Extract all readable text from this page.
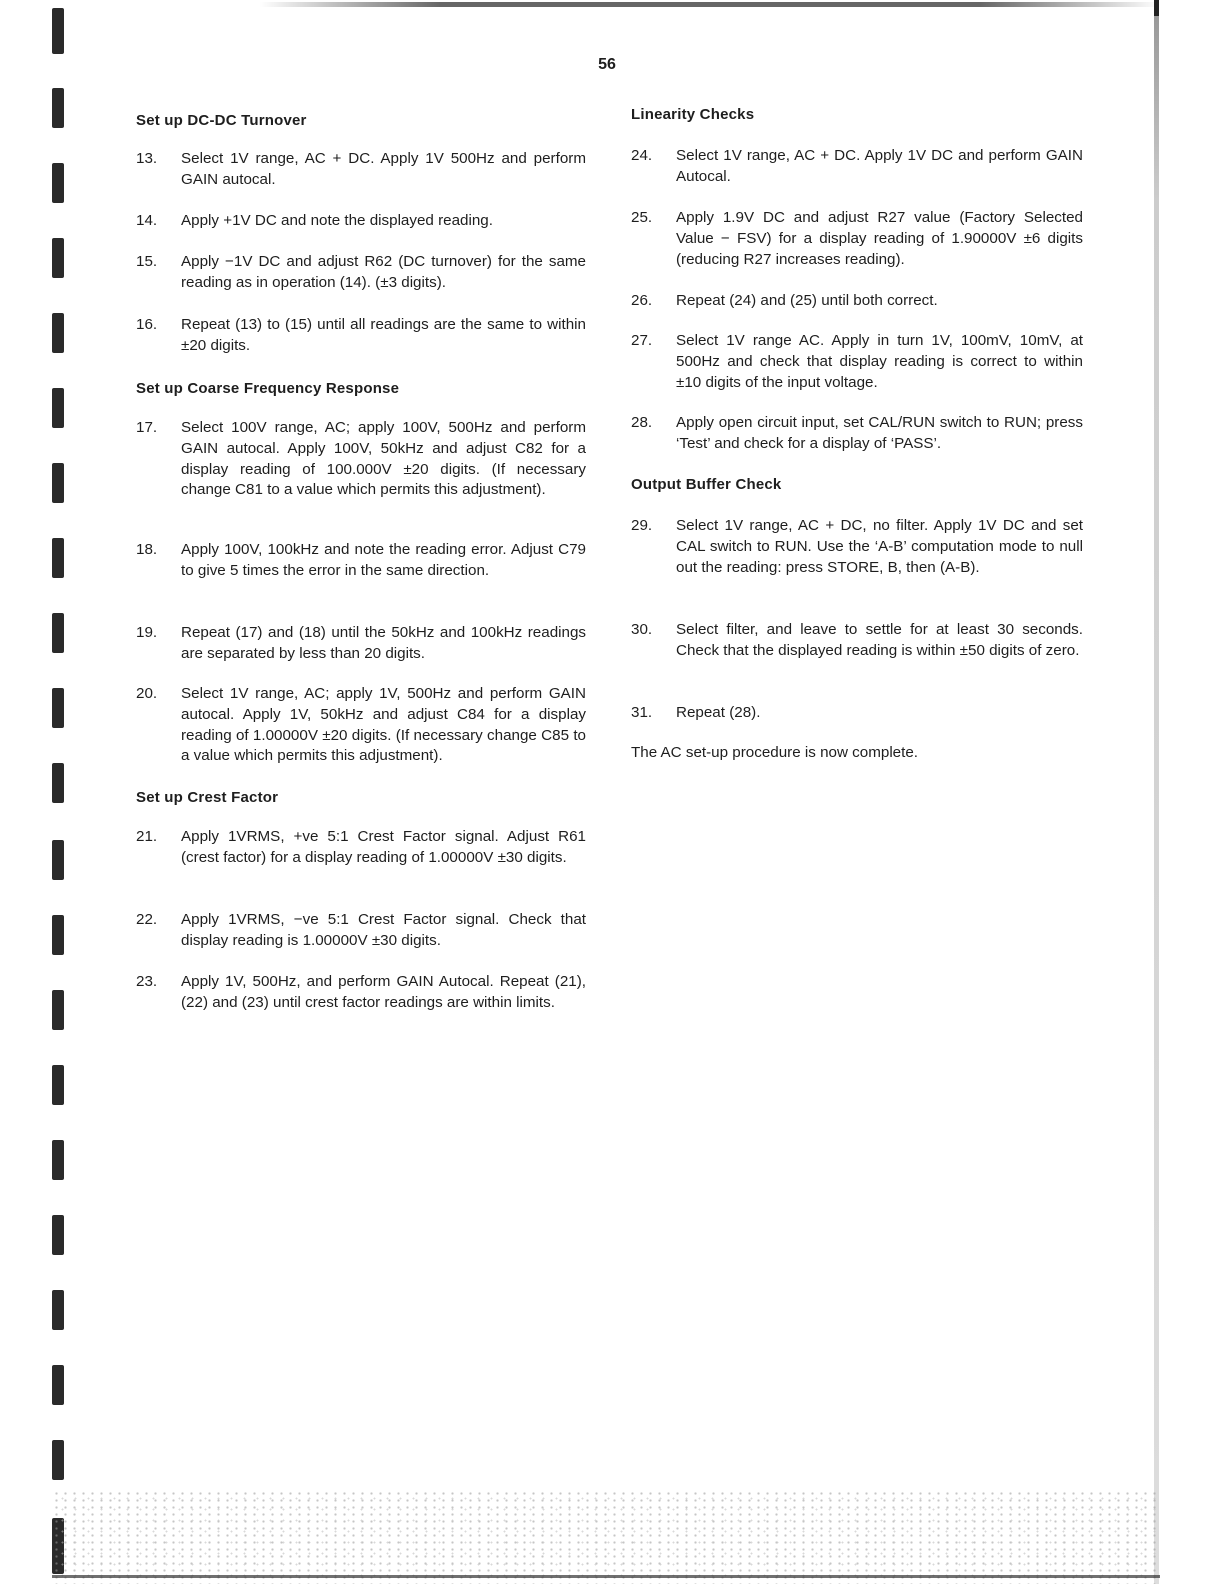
56

Set up DC-DC Turnover

13.	Select 1V range, AC + DC. Apply 1V 500Hz and perform GAIN autocal.
14.	Apply +1V DC and note the displayed reading.
15.	Apply −1V DC and adjust R62 (DC turnover) for the same reading as in operation (14). (±3 digits).
16.	Repeat (13) to (15) until all readings are the same to within ±20 digits.

Set up Coarse Frequency Response

17.	Select 100V range, AC; apply 100V, 500Hz and perform GAIN autocal. Apply 100V, 50kHz and adjust C82 for a display reading of 100.000V ±20 digits. (If necessary change C81 to a value which permits this adjustment).
18.	Apply 100V, 100kHz and note the reading error. Adjust C79 to give 5 times the error in the same direction.
19.	Repeat (17) and (18) until the 50kHz and 100kHz readings are separated by less than 20 digits.
20.	Select 1V range, AC; apply 1V, 500Hz and perform GAIN autocal. Apply 1V, 50kHz and adjust C84 for a display reading of 1.00000V ±20 digits. (If necessary change C85 to a value which permits this adjustment).

Set up Crest Factor

21.	Apply 1VRMS, +ve 5:1 Crest Factor signal. Adjust R61 (crest factor) for a display reading of 1.00000V ±30 digits.
22.	Apply 1VRMS, −ve 5:1 Crest Factor signal. Check that display reading is 1.00000V ±30 digits.
23.	Apply 1V, 500Hz, and perform GAIN Autocal. Repeat (21), (22) and (23) until crest factor readings are within limits.

Linearity Checks

24.	Select 1V range, AC + DC. Apply 1V DC and perform GAIN Autocal.
25.	Apply 1.9V DC and adjust R27 value (Factory Selected Value − FSV) for a display reading of 1.90000V ±6 digits (reducing R27 increases reading).
26.	Repeat (24) and (25) until both correct.
27.	Select 1V range AC. Apply in turn 1V, 100mV, 10mV, at 500Hz and check that display reading is correct to within ±10 digits of the input voltage.
28.	Apply open circuit input, set CAL/RUN switch to RUN; press ‘Test’ and check for a display of ‘PASS’.

Output Buffer Check

29.	Select 1V range, AC + DC, no filter. Apply 1V DC and set CAL switch to RUN. Use the ‘A-B’ computation mode to null out the reading: press STORE, B, then (A-B).
30.	Select filter, and leave to settle for at least 30 seconds. Check that the displayed reading is within ±50 digits of zero.
31.	Repeat (28).

The AC set-up procedure is now complete.
